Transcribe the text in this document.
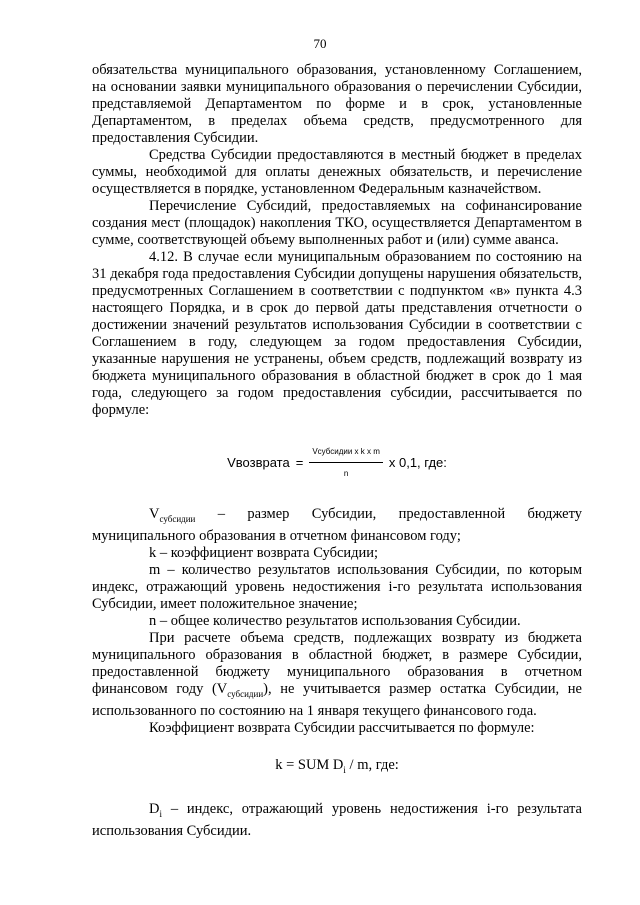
70

обязательства муниципального образования, установленному Соглашением, на основании заявки муниципального образования о перечислении Субсидии, представляемой Департаментом по форме и в срок, установленные Департаментом, в пределах объема средств, предусмотренного для предоставления Субсидии.

Средства Субсидии предоставляются в местный бюджет в пределах суммы, необходимой для оплаты денежных обязательств, и перечисление осуществляется в порядке, установленном Федеральным казначейством.

Перечисление Субсидий, предоставляемых на софинансирование создания мест (площадок) накопления ТКО, осуществляется Департаментом в сумме, соответствующей объему выполненных работ и (или) сумме аванса.

4.12. В случае если муниципальным образованием по состоянию на 31 декабря года предоставления Субсидии допущены нарушения обязательств, предусмотренных Соглашением в соответствии с подпунктом «в» пункта 4.3 настоящего Порядка, и в срок до первой даты представления отчетности о достижении значений результатов использования Субсидии в соответствии с Соглашением в году, следующем за годом предоставления Субсидии, указанные нарушения не устранены, объем средств, подлежащий возврату из бюджета муниципального образования в областной бюджет в срок до 1 мая года, следующего за годом предоставления субсидии, рассчитывается по формуле:

Vвозврата = $\frac{\text{Vсубсидии x k x m}}{n}$ x 0,1, где:

$V_{субсидии}$ – размер Субсидии, предоставленной бюджету муниципального образования в отчетном финансовом году;

k – коэффициент возврата Субсидии;

m – количество результатов использования Субсидии, по которым индекс, отражающий уровень недостижения i-го результата использования Субсидии, имеет положительное значение;

n – общее количество результатов использования Субсидии.

При расчете объема средств, подлежащих возврату из бюджета муниципального образования в областной бюджет, в размере Субсидии, предоставленной бюджету муниципального образования в отчетном финансовом году $(V_{субсидии})$, не учитывается размер остатка Субсидии, не использованного по состоянию на 1 января текущего финансового года.

Коэффициент возврата Субсидии рассчитывается по формуле:

k = SUM $D_i$ / m, где:

$D_i$ – индекс, отражающий уровень недостижения i-го результата использования Субсидии.
